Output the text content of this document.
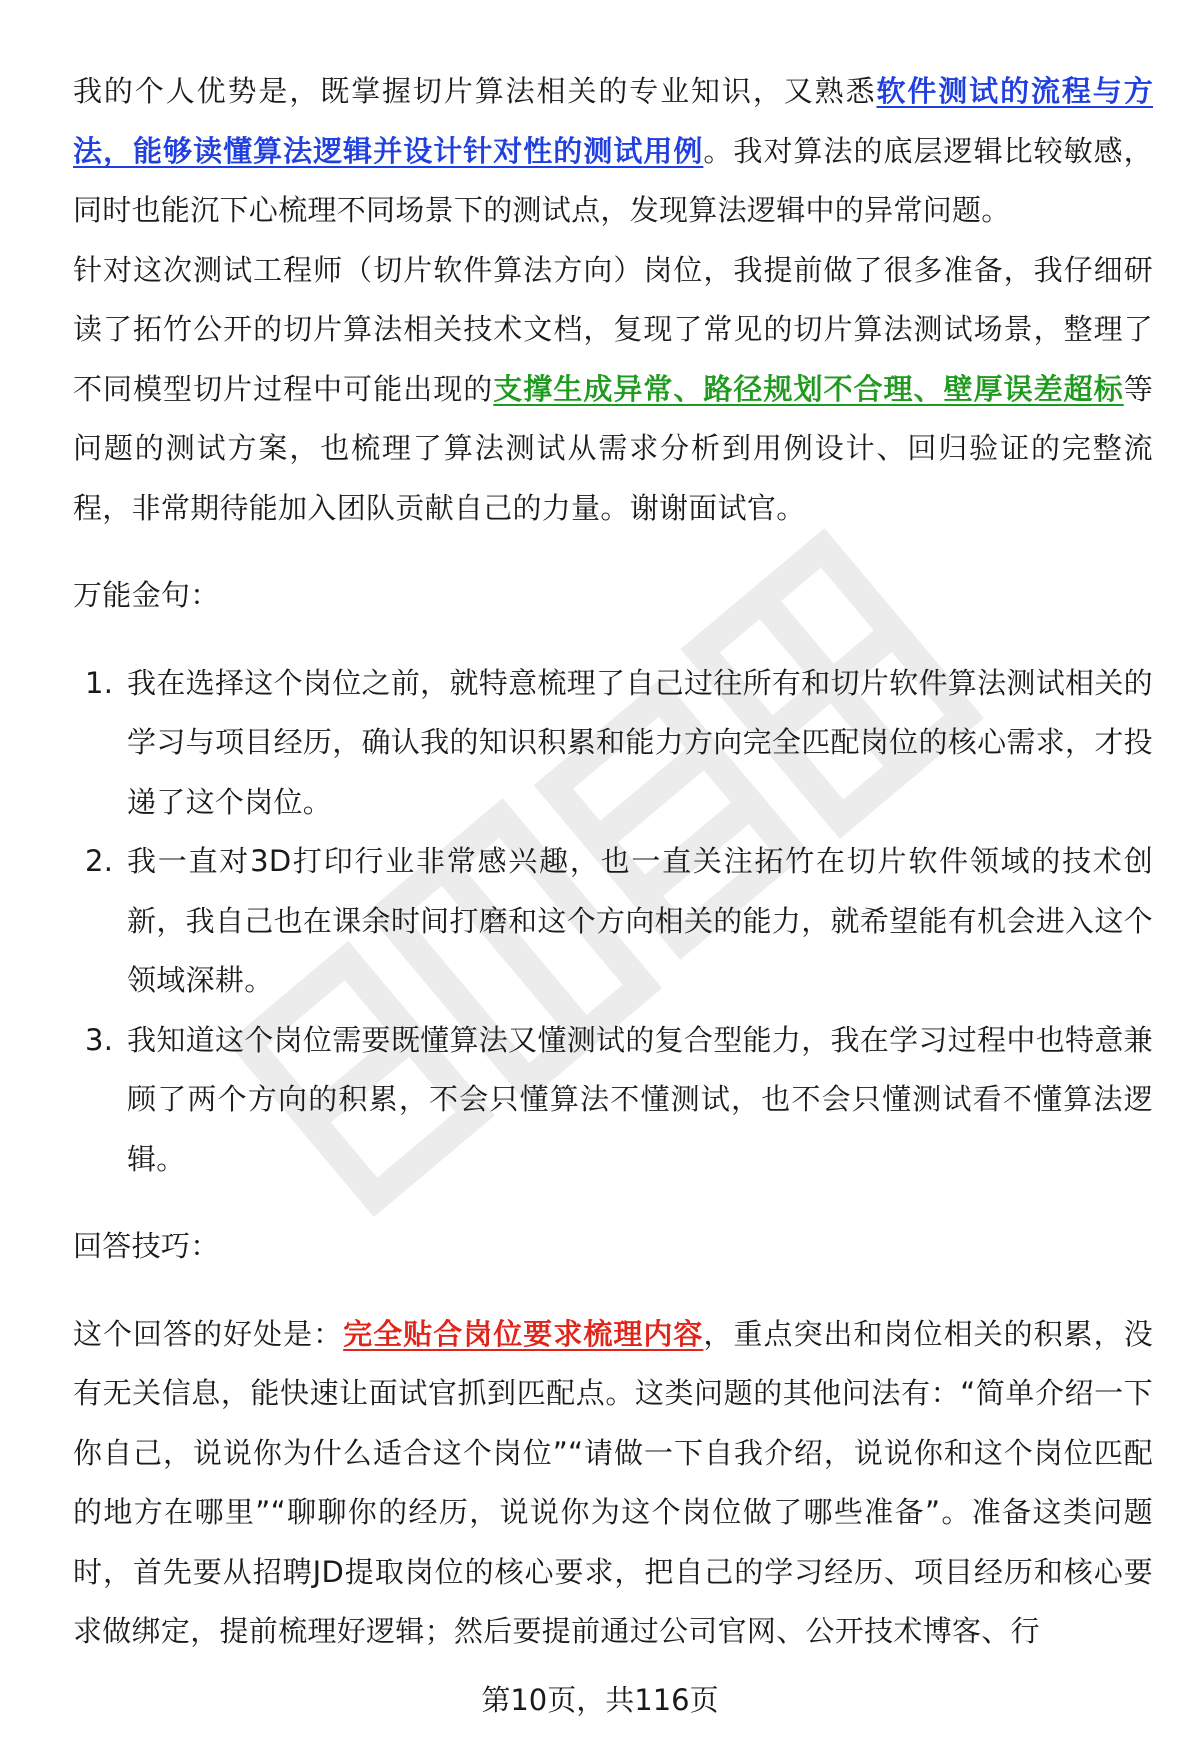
我的个人优势是，既掌握切片算法相关的专业知识，又熟悉软件测试的流程与方法，能够读懂算法逻辑并设计针对性的测试用例。我对算法的底层逻辑比较敏感，同时也能沉下心梳理不同场景下的测试点，发现算法逻辑中的异常问题。

针对这次测试工程师（切片软件算法方向）岗位，我提前做了很多准备，我仔细研读了拓竹公开的切片算法相关技术文档，复现了常见的切片算法测试场景，整理了不同模型切片过程中可能出现的支撑生成异常、路径规划不合理、壁厚误差超标等问题的测试方案，也梳理了算法测试从需求分析到用例设计、回归验证的完整流程，非常期待能加入团队贡献自己的力量。谢谢面试官。

万能金句：

1. 我在选择这个岗位之前，就特意梳理了自己过往所有和切片软件算法测试相关的学习与项目经历，确认我的知识积累和能力方向完全匹配岗位的核心需求，才投递了这个岗位。
2. 我一直对3D打印行业非常感兴趣，也一直关注拓竹在切片软件领域的技术创新，我自己也在课余时间打磨和这个方向相关的能力，就希望能有机会进入这个领域深耕。
3. 我知道这个岗位需要既懂算法又懂测试的复合型能力，我在学习过程中也特意兼顾了两个方向的积累，不会只懂算法不懂测试，也不会只懂测试看不懂算法逻辑。

回答技巧：

这个回答的好处是：完全贴合岗位要求梳理内容，重点突出和岗位相关的积累，没有无关信息，能快速让面试官抓到匹配点。这类问题的其他问法有：“简单介绍一下你自己，说说你为什么适合这个岗位”“请做一下自我介绍，说说你和这个岗位匹配的地方在哪里”“聊聊你的经历，说说你为这个岗位做了哪些准备”。准备这类问题时，首先要从招聘JD提取岗位的核心要求，把自己的学习经历、项目经历和核心要求做绑定，提前梳理好逻辑；然后要提前通过公司官网、公开技术博客、行

第10页，共116页
